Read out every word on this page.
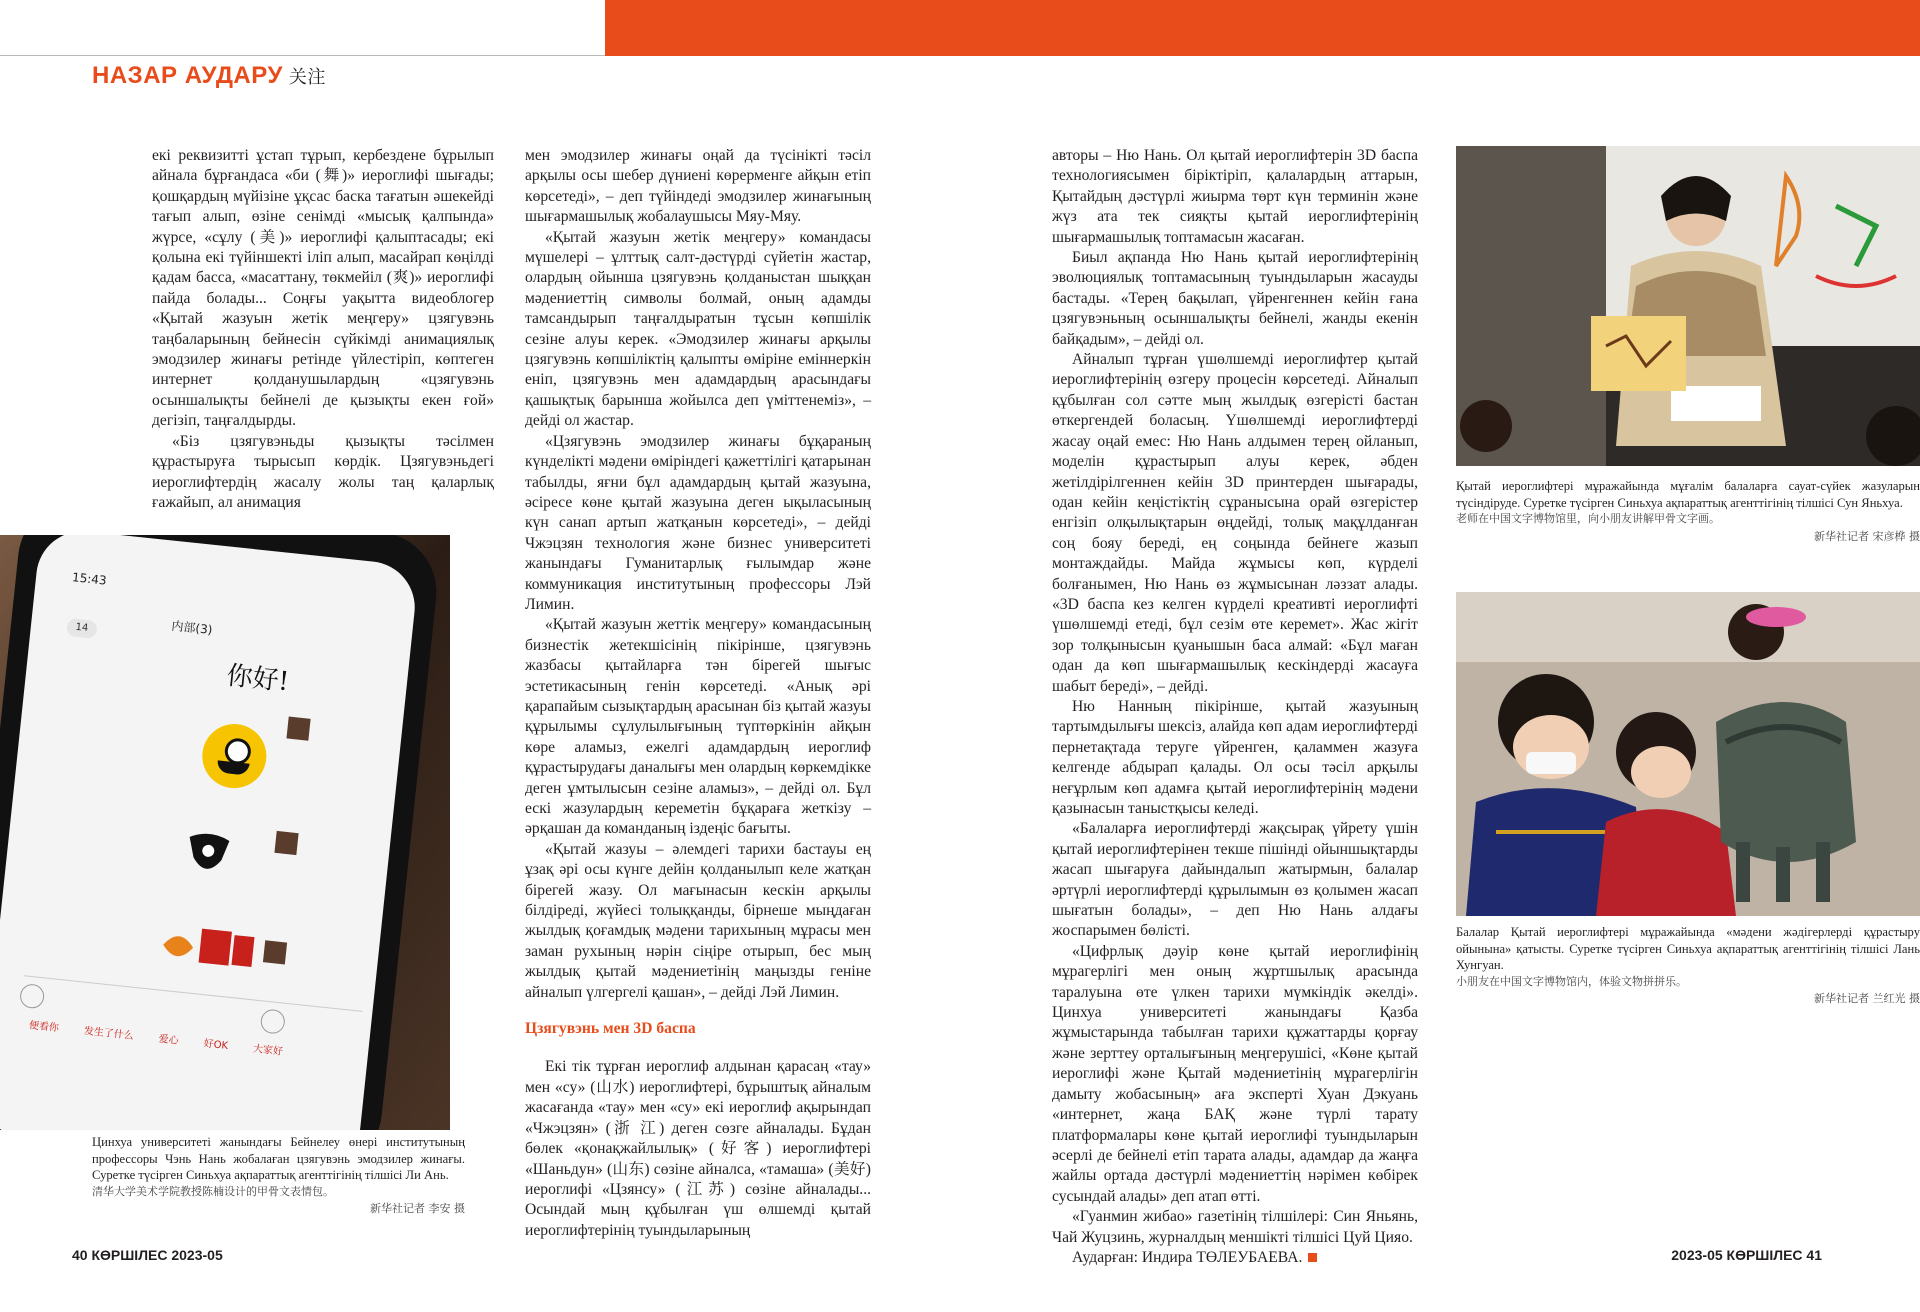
НАЗАР АУДАРУ 关注

екі реквизитті ұстап тұрып, кербездене бұрылып айнала бұрғандаса «би (舞)» иероглифі шығады; қошқардың мүйізіне ұқсас баска тағатын әшекейді тағып алып, өзіне сенімді «мысық қалпында» жүрсе, «сұлу (美)» иероглифі қалыптасады; екі қолына екі түйіншекті іліп алып, масайрап көңілді қадам басса, «масаттану, төкмейіл (爽)» иероглифі пайда болады... Соңғы уақытта видеоблогер «Қытай жазуын жетік меңгеру» цзягувэнь таңбаларының бейнесін сүйкімді анимациялық эмодзилер жинағы ретінде үйлестіріп, көптеген интернет қолданушылардың «цзягувэнь осыншалықты бейнелі де қызықты екен ғой» дегізіп, таңғалдырды.

«Біз цзягувэньды қызықты тәсілмен құрастыруға тырысып көрдік. Цзягувэньдегі иероглифтердің жасалу жолы таң қаларлық ғажайып, ал анимация

15:43
14	内部(3)
你好!
便看你 发生了什么 爱心 好OK 大家好
Цинхуа университеті жанындағы Бейнелеу өнері институтының профессоры Чэнь Нань жобалаған цзягувэнь эмодзилер жинағы. Суретке түсірген Синьхуа ақпараттық агенттігінің тілшісі Ли Ань.
清华大学美术学院教授陈楠设计的甲骨文表情包。
新华社记者 李安 摄

мен эмодзилер жинағы оңай да түсінікті тәсіл арқылы осы шебер дүниені көрерменге айқын етіп көрсетеді», – деп түйіндеді эмодзилер жинағының шығармашылық жобалаушысы Мяу-Мяу.

«Қытай жазуын жетік меңгеру» командасы мүшелері – ұлттық салт-дәстүрді сүйетін жастар, олардың ойынша цзягувэнь қолданыстан шыққан мәдениеттің символы болмай, оның адамды тамсандырып таңғалдыратын тұсын көпшілік сезіне алуы керек. «Эмодзилер жинағы арқылы цзягувэнь көпшіліктің қалыпты өміріне еміннеркін еніп, цзягувэнь мен адамдардың арасындағы қашықтық барынша жойылса деп үміттенеміз», – дейді ол жастар.

«Цзягувэнь эмодзилер жинағы бұқараның күнделікті мәдени өміріндегі қажеттілігі қатарынан табылды, яғни бұл адамдардың қытай жазуына, әсіресе көне қытай жазуына деген ықыласының күн санап артып жатқанын көрсетеді», – дейді Чжэцзян технология және бизнес университеті жанындағы Гуманитарлық ғылымдар және коммуникация институтының профессоры Лэй Лимин.

«Қытай жазуын жеттік меңгеру» командасының бизнестік жетекшісінің пікірінше, цзягувэнь жазбасы қытайларға тән бірегей шығыс эстетикасының генін көрсетеді. «Анық әрі қарапайым сызықтардың арасынан біз қытай жазуы құрылымы сұлулылығының түптөркінін айқын көре аламыз, ежелгі адамдардың иероглиф құрастырудағы даналығы мен олардың көркемдікке деген ұмтылысын сезіне аламыз», – дейді ол. Бұл ескі жазулардың кереметін бұқараға жеткізу – әрқашан да команданың іздеңіс бағыты.

«Қытай жазуы – әлемдегі тарихи бастауы ең ұзақ әрі осы күнге дейін қолданылып келе жатқан бірегей жазу. Ол мағынасын кескін арқылы білдіреді, жүйесі толыққанды, бірнеше мыңдаған жылдық қоғамдық мәдени тарихының мұрасы мен заман рухының нәрін сіңіре отырып, бес мың жылдық қытай мәдениетінің маңызды геніне айналып үлгергелі қашан», – дейді Лэй Лимин.

Цзягувэнь мен 3D баспа

Екі тік тұрған иероглиф алдынан қарасаң «тау» мен «су» (山水) иероглифтері, бұрыштық айналым жасағанда «тау» мен «су» екі иероглиф ақырындап «Чжэцзян» (浙 江) деген сөзге айналады. Бұдан бөлек «қонақжайлылық» (好客) иероглифтері «Шаньдун» (山东) сөзіне айналса, «тамаша» (美好) иероглифі «Цзянсу» (江苏) сөзіне айналады... Осындай мың құбылған үш өлшемді қытай иероглифтерінің туындыларының

авторы – Ню Нань. Ол қытай иероглифтерін 3D баспа технологиясымен біріктіріп, қалалардың аттарын, Қытайдың дәстүрлі жиырма төрт күн терминін және жүз ата тек сияқты қытай иероглифтерінің шығармашылық топтамасын жасаған.

Биыл ақпанда Ню Нань қытай иероглифтерінің эволюциялық топтамасының туындыларын жасауды бастады. «Терең бақылап, үйренгеннен кейін ғана цзягувэньның осыншалықты бейнелі, жанды екенін байқадым», – дейді ол.

Айналып тұрған үшөлшемді иероглифтер қытай иероглифтерінің өзгеру процесін көрсетеді. Айналып құбылған сол сәтте мың жылдық өзгерісті бастан өткергендей боласың. Үшөлшемді иероглифтерді жасау оңай емес: Ню Нань алдымен терең ойланып, моделін құрастырып алуы керек, әбден жетілдірілгеннен кейін 3D принтерден шығарады, одан кейін кеңістіктің сұраныcына орай өзгерістер енгізіп олқылықтарын өңдейді, толық мақұлданған соң бояу береді, ең соңында бейнеге жазып монтаждайды. Майда жұмысы көп, күрделі болғанымен, Ню Нань өз жұмысынан ләззат алады. «3D баспа кез келген күрделі креативті иероглифті үшөлшемді етеді, бұл сезім өте керемет». Жас жігіт зор толқынысын қуанышын баса алмай: «Бұл маған одан да көп шығармашылық кескіндерді жасауға шабыт береді», – дейді.

Ню Нанның пікірінше, қытай жазуының тартымдылығы шексіз, алайда көп адам иероглифтерді пернетақтада теруге үйренген, қаламмен жазуға келгенде абдырап қалады. Ол осы тәсіл арқылы неғұрлым көп адамға қытай иероглифтерінің мәдени қазынасын таныстқысы келеді.

«Балаларға иероглифтерді жақсырақ үйрету үшін қытай иероглифтерінен текше пішінді ойыншықтарды жасап шығаруға дайындалып жатырмын, балалар әртүрлі иероглифтерді құрылымын өз қолымен жасап шығатын болады», – деп Ню Нань алдағы жоспарымен бөлісті.

«Цифрлық дәуір көне қытай иероглифінің мұрагерлігі мен оның жұртшылық арасында таралуына өте үлкен тарихи мүмкіндік әкелді». Цинхуа университеті жанындағы Қазба жұмыстарында табылған тарихи құжаттарды қорғау және зерттеу орталығының меңгерушісі, «Көне қытай иероглифі және Қытай мәдениетінің мұрагерлігін дамыту жобасының» аға эксперті Хуан Дэкуань «интернет, жаңа БАҚ және түрлі тарату платформалары көне қытай иероглифі туындыларын әсерлі де бейнелі етіп тарата алады, адамдар да жаңға жайлы ортада дәстүрлі мәдениеттің нәрімен көбірек сусындай алады» деп атап өтті.

«Гуанмин жибао» газетінің тілшілері: Син Яньянь, Чай Жуцзинь, журналдың меншікті тілшісі Цуй Цияо.

Аударған: Индира ТӨЛЕУБАЕВА.

Қытай иероглифтері мұражайында мұғалім балаларға сауат-сүйек жазуларын түсіндіруде. Суретке түсірген Синьхуа ақпараттық агенттігінің тілшісі Сун Яньхуа.
老师在中国文字博物馆里，向小朋友讲解甲骨文字画。
新华社记者 宋彦桦 摄
Балалар Қытай иероглифтері мұражайында «мәдени жәдігерлерді құрастыру ойынына» қатысты. Суретке түсірген Синьхуа ақпараттық агенттігінің тілшісі Лань Хунгуан.
小朋友在中国文字博物馆内，体验文物拼拼乐。
新华社记者 兰红光 摄
40 КӨРШІЛЕС 2023-05	2023-05 КӨРШІЛЕС 41
